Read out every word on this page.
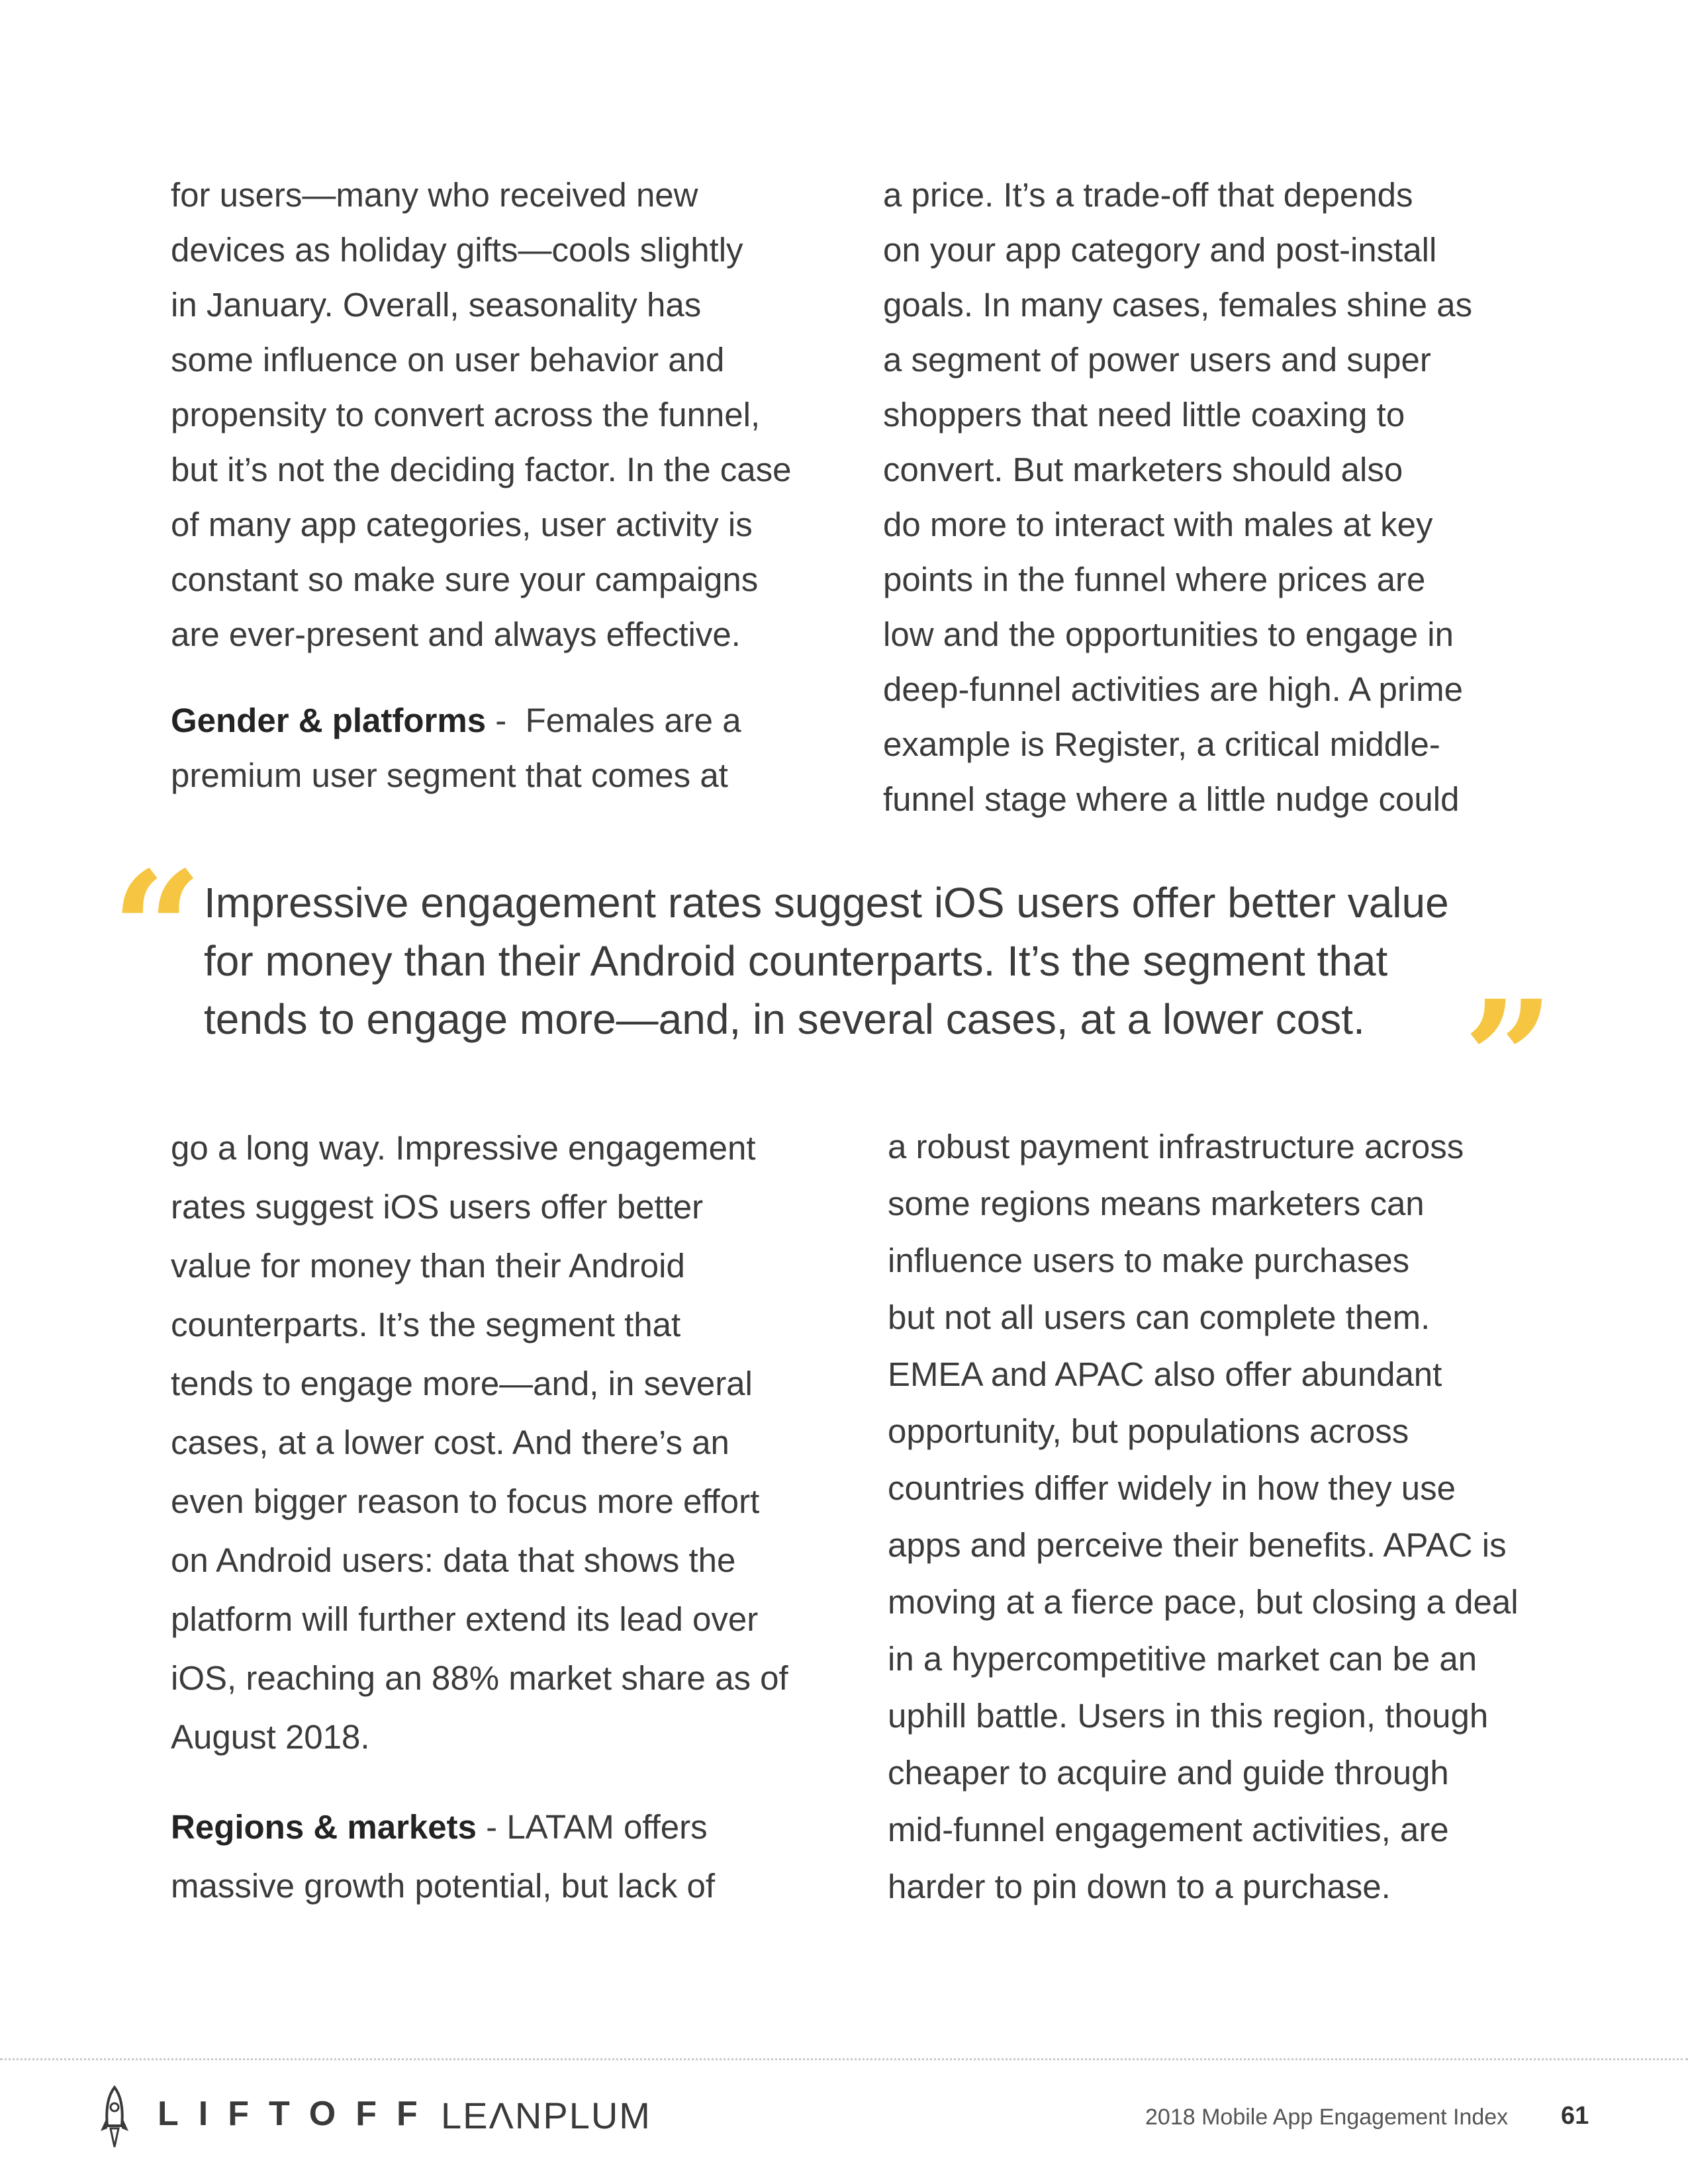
for users—many who received new

devices as holiday gifts—cools slightly

in January. Overall, seasonality has

some influence on user behavior and

propensity to convert across the funnel,

but it’s not the deciding factor. In the case

of many app categories, user activity is

constant so make sure your campaigns

are ever-present and always effective.

Gender & platforms -  Females are a

premium user segment that comes at

a price. It’s a trade-off that depends

on your app category and post-install

goals. In many cases, females shine as

a segment of power users and super

shoppers that need little coaxing to

convert. But marketers should also

do more to interact with males at key

points in the funnel where prices are

low and the opportunities to engage in

deep-funnel activities are high. A prime

example is Register, a critical middle-

funnel stage where a little nudge could

“ Impressive engagement rates suggest iOS users offer better value
for money than their Android counterparts. It’s the segment that
tends to engage more—and, in several cases, at a lower cost. ”

go a long way. Impressive engagement

rates suggest iOS users offer better

value for money than their Android

counterparts. It’s the segment that

tends to engage more—and, in several

cases, at a lower cost. And there’s an

even bigger reason to focus more effort

on Android users: data that shows the

platform will further extend its lead over

iOS, reaching an 88% market share as of

August 2018.

Regions & markets - LATAM offers

massive growth potential, but lack of

a robust payment infrastructure across

some regions means marketers can

influence users to make purchases

but not all users can complete them.

EMEA and APAC also offer abundant

opportunity, but populations across

countries differ widely in how they use

apps and perceive their benefits. APAC is

moving at a fierce pace, but closing a deal

in a hypercompetitive market can be an

uphill battle. Users in this region, though

cheaper to acquire and guide through

mid-funnel engagement activities, are

harder to pin down to a purchase.

LIFTOFF LEɅNPLUM	2018 Mobile App Engagement Index 61
